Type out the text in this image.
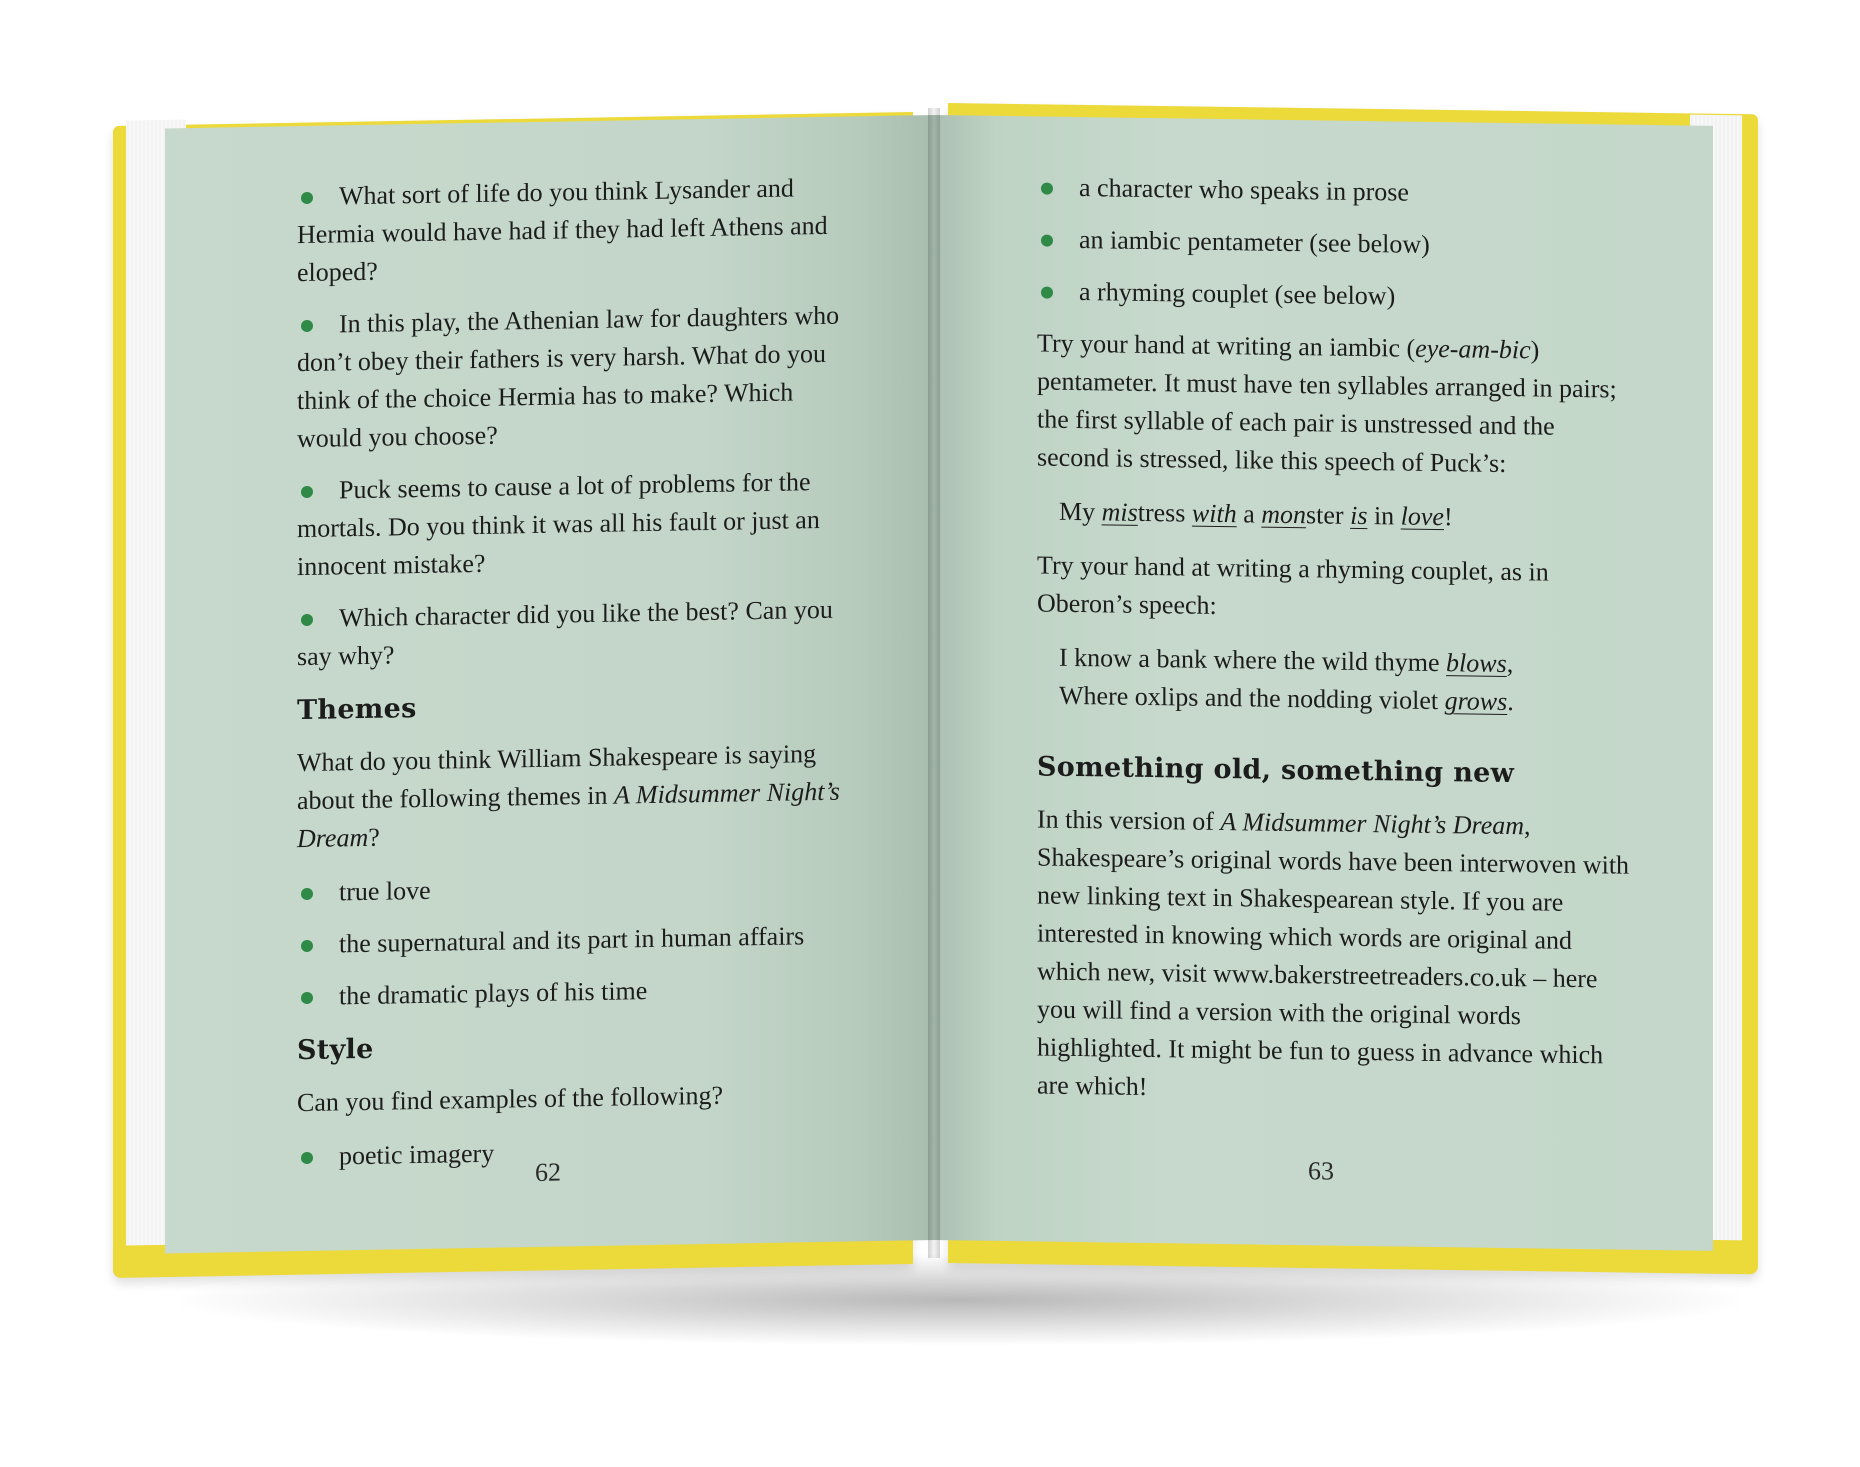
What sort of life do you think Lysander and Hermia would have had if they had left Athens and eloped?
In this play, the Athenian law for daughters who don’t obey their fathers is very harsh. What do you think of the choice Hermia has to make? Which would you choose?
Puck seems to cause a lot of problems for the mortals. Do you think it was all his fault or just an innocent mistake?
Which character did you like the best? Can you say why?
Themes

What do you think William Shakespeare is saying about the following themes in A Midsummer Night’s Dream?

true love
the supernatural and its part in human affairs
the dramatic plays of his time
Style

Can you find examples of the following?

poetic imagery
62
a character who speaks in prose
an iambic pentameter (see below)
a rhyming couplet (see below)

Try your hand at writing an iambic (eye-am-bic) pentameter. It must have ten syllables arranged in pairs; the first syllable of each pair is unstressed and the second is stressed, like this speech of Puck’s:

My mistress with a monster is in love!

Try your hand at writing a rhyming couplet, as in Oberon’s speech:

I know a bank where the wild thyme blows,
Where oxlips and the nodding violet grows.

Something old, something new

In this version of A Midsummer Night’s Dream, Shakespeare’s original words have been interwoven with new linking text in Shakespearean style. If you are interested in knowing which words are original and which new, visit www.bakerstreetreaders.co.uk – here you will find a version with the original words highlighted. It might be fun to guess in advance which are which!

63
